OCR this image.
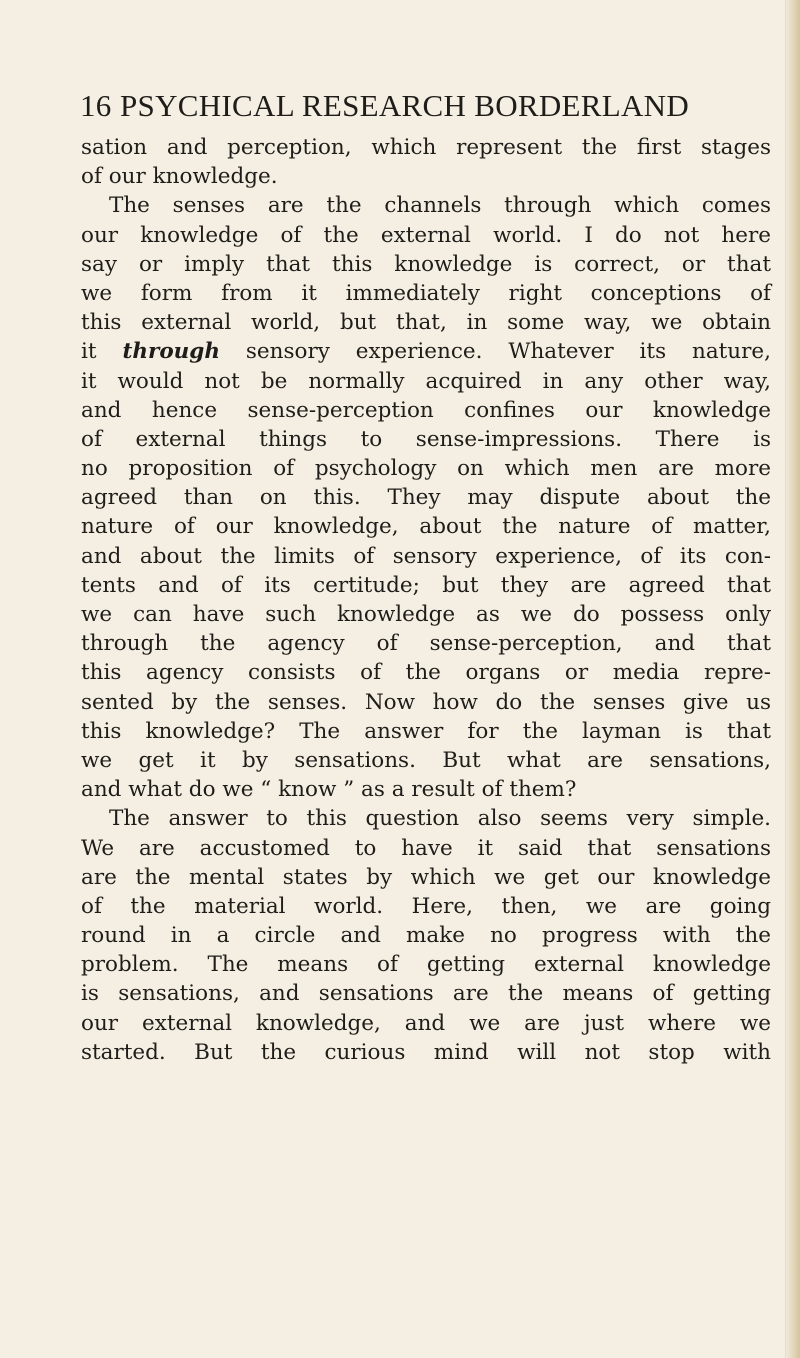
16 PSYCHICAL RESEARCH BORDERLAND
sation and perception, which represent the first stages
of our knowledge.
The senses are the channels through which comes
our knowledge of the external world. I do not here
say or imply that this knowledge is correct, or that
we form from it immediately right conceptions of
this external world, but that, in some way, we obtain
it through sensory experience. Whatever its nature,
it would not be normally acquired in any other way,
and hence sense-perception confines our knowledge
of external things to sense-impressions. There is
no proposition of psychology on which men are more
agreed than on this. They may dispute about the
nature of our knowledge, about the nature of matter,
and about the limits of sensory experience, of its con-
tents and of its certitude; but they are agreed that
we can have such knowledge as we do possess only
through the agency of sense-perception, and that
this agency consists of the organs or media repre-
sented by the senses. Now how do the senses give us
this knowledge? The answer for the layman is that
we get it by sensations. But what are sensations,
and what do we “ know ” as a result of them?
The answer to this question also seems very simple.
We are accustomed to have it said that sensations
are the mental states by which we get our knowledge
of the material world. Here, then, we are going
round in a circle and make no progress with the
problem. The means of getting external knowledge
is sensations, and sensations are the means of getting
our external knowledge, and we are just where we
started. But the curious mind will not stop with
